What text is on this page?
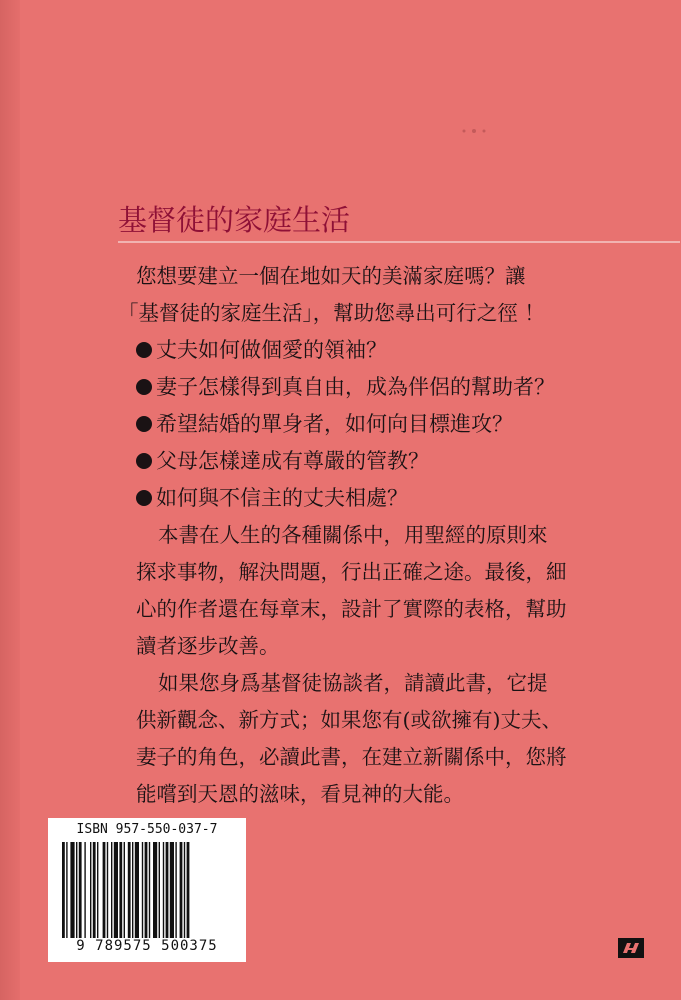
基督徒的家庭生活
您想要建立一個在地如天的美滿家庭嗎？讓
「基督徒的家庭生活」，幫助您尋出可行之徑 ！
丈夫如何做個愛的領袖？
妻子怎樣得到真自由，成為伴侶的幫助者？
希望結婚的單身者，如何向目標進攻？
父母怎樣達成有尊嚴的管教？
如何與不信主的丈夫相處？
本書在人生的各種關係中，用聖經的原則來
探求事物，解決問題，行出正確之途。最後，細
心的作者還在每章末，設計了實際的表格，幫助
讀者逐步改善。
如果您身爲基督徒協談者，請讀此書，它提
供新觀念、新方式；如果您有(或欲擁有)丈夫、
妻子的角色，必讀此書，在建立新關係中，您將
能嚐到天恩的滋味，看見神的大能。
ISBN 957-550-037-7
9 789575 500375
